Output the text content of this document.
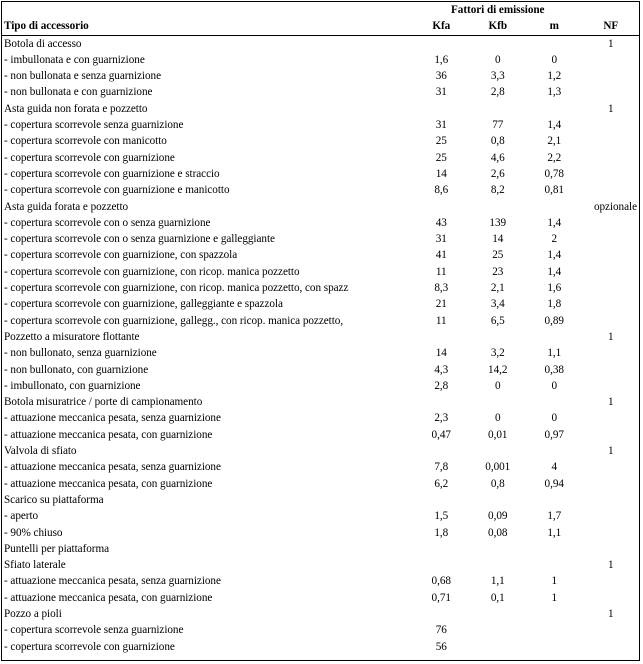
	Fattori di emissione			
Tipo di accessorio	Kfa	Kfb	m	NF
Botola di accesso				1
- imbullonata e con guarnizione	1,6	0	0	
- non bullonata e senza guarnizione	36	3,3	1,2	
- non bullonata e con guarnizione	31	2,8	1,3	
Asta guida non forata e pozzetto				1
- copertura scorrevole senza guarnizione	31	77	1,4	
- copertura scorrevole con manicotto	25	0,8	2,1	
- copertura scorrevole con guarnizione	25	4,6	2,2	
- copertura scorrevole con guarnizione e straccio	14	2,6	0,78	
- copertura scorrevole con guarnizione e manicotto	8,6	8,2	0,81	
Asta guida forata e pozzetto				opzionale
- copertura scorrevole con o senza guarnizione	43	139	1,4	
- copertura scorrevole con o senza guarnizione e galleggiante	31	14	2	
- copertura scorrevole con guarnizione, con spazzola	41	25	1,4	
- copertura scorrevole con guarnizione, con ricop. manica pozzetto	11	23	1,4	
- copertura scorrevole con guarnizione, con ricop. manica pozzetto, con spazz	8,3	2,1	1,6	
- copertura scorrevole con guarnizione, galleggiante e spazzola	21	3,4	1,8	
- copertura scorrevole con guarnizione, gallegg., con ricop. manica pozzetto,	11	6,5	0,89	
Pozzetto a misuratore flottante				1
- non bullonato, senza guarnizione	14	3,2	1,1	
- non bullonato, con guarnizione	4,3	14,2	0,38	
- imbullonato, con guarnizione	2,8	0	0	
Botola misuratrice / porte di campionamento				1
- attuazione meccanica pesata, senza guarnizione	2,3	0	0	
- attuazione meccanica pesata, con guarnizione	0,47	0,01	0,97	
Valvola di sfiato				1
- attuazione meccanica pesata, senza guarnizione	7,8	0,001	4	
- attuazione meccanica pesata, con guarnizione	6,2	0,8	0,94	
Scarico su piattaforma				
- aperto	1,5	0,09	1,7	
- 90% chiuso	1,8	0,08	1,1	
Puntelli per piattaforma				
Sfiato laterale				1
- attuazione meccanica pesata, senza guarnizione	0,68	1,1	1	
- attuazione meccanica pesata, con guarnizione	0,71	0,1	1	
Pozzo a pioli				1
- copertura scorrevole senza guarnizione	76			
- copertura scorrevole con guarnizione	56			
